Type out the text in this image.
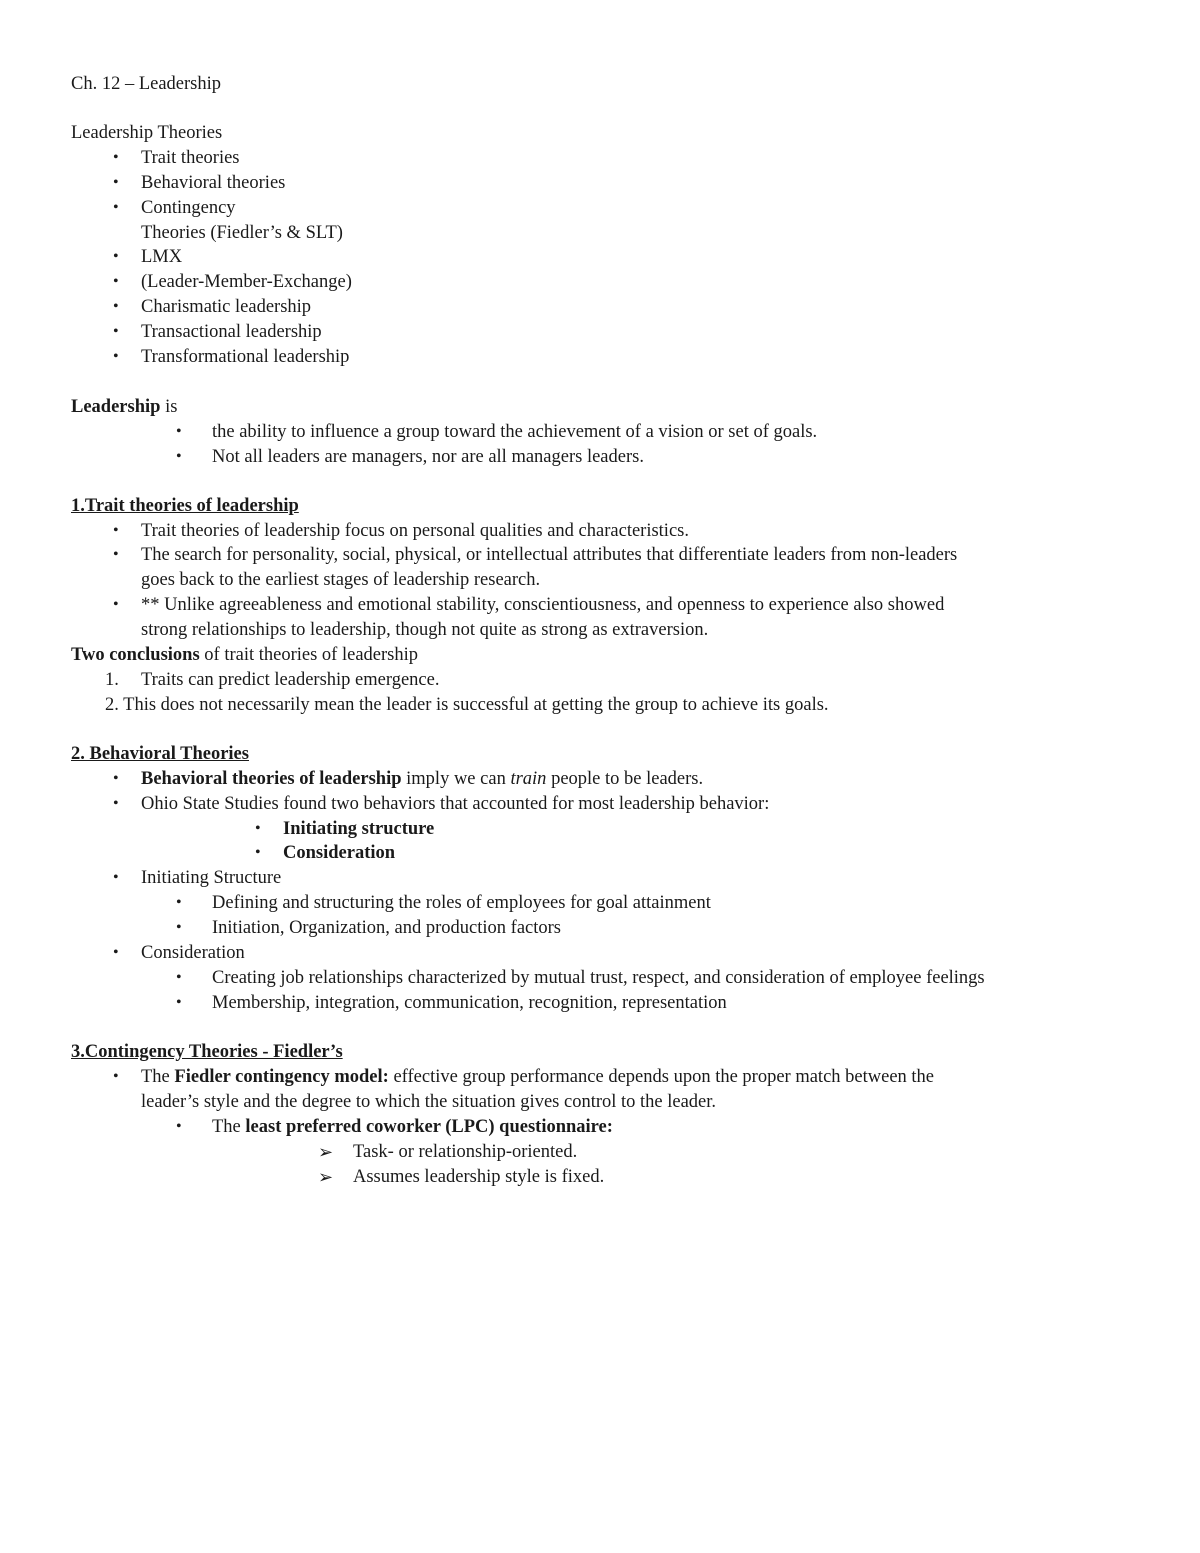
Ch. 12 – Leadership
Leadership Theories
• Trait theories
• Behavioral theories
• Contingency
Theories (Fiedler’s & SLT)
• LMX
• (Leader-Member-Exchange)
• Charismatic leadership
• Transactional leadership
• Transformational leadership
Leadership is
• the ability to influence a group toward the achievement of a vision or set of goals.
• Not all leaders are managers, nor are all managers leaders.
1.Trait theories of leadership
• Trait theories of leadership focus on personal qualities and characteristics.
• The search for personality, social, physical, or intellectual attributes that differentiate leaders from non-leaders
goes back to the earliest stages of leadership research.
• ** Unlike agreeableness and emotional stability, conscientiousness, and openness to experience also showed
strong relationships to leadership, though not quite as strong as extraversion.
Two conclusions of trait theories of leadership
1. Traits can predict leadership emergence.
2. This does not necessarily mean the leader is successful at getting the group to achieve its goals.
2. Behavioral Theories
• Behavioral theories of leadership imply we can train people to be leaders.
• Ohio State Studies found two behaviors that accounted for most leadership behavior:
• Initiating structure
• Consideration
• Initiating Structure
• Defining and structuring the roles of employees for goal attainment
• Initiation, Organization, and production factors
• Consideration
• Creating job relationships characterized by mutual trust, respect, and consideration of employee feelings
• Membership, integration, communication, recognition, representation
3.Contingency Theories - Fiedler’s
• The Fiedler contingency model: effective group performance depends upon the proper match between the
leader’s style and the degree to which the situation gives control to the leader.
• The least preferred coworker (LPC) questionnaire:
➢ Task- or relationship-oriented.
➢ Assumes leadership style is fixed.
